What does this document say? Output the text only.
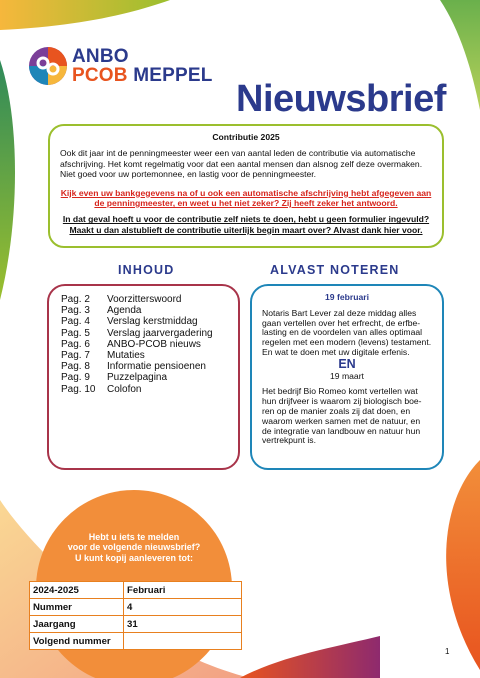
ANBO
PCOB MEPPEL
Nieuwsbrief
Contributie 2025
Ook dit jaar int de penningmeester weer een van aantal leden de contributie via automatische afschrijving. Het komt regelmatig voor dat een aantal mensen dan alsnog zelf deze overmaken. Niet goed voor uw portemonnee, en lastig voor de penningmeester.
Kijk even uw bankgegevens na of u ook een automatische afschrijving hebt afgegeven aan de penningmeester, en weet u het niet zeker? Zij heeft zeker het antwoord.
In dat geval hoeft u voor de contributie zelf niets te doen, hebt u geen formulier ingevuld? Maakt u dan alstublieft de contributie uiterlijk begin maart over? Alvast dank hier voor.
INHOUD	ALVAST NOTEREN
Pag. 2	Voorzitterswoord
Pag. 3	Agenda
Pag. 4	Verslag kerstmiddag
Pag. 5	Verslag jaarvergadering
Pag. 6	ANBO-PCOB nieuws
Pag. 7	Mutaties
Pag. 8	Informatie pensioenen
Pag. 9	Puzzelpagina
Pag. 10	Colofon
19 februari
Notaris Bart Lever zal deze middag alles gaan vertellen over het erfrecht, de erfbe-lasting en de voordelen van alles optimaal regelen met een modern (levens) testament. En wat te doen met uw digitale erfenis.
EN
19 maart
Het bedrijf Bio Romeo komt vertellen wat hun drijfveer is waarom zij biologisch boe-ren op de manier zoals zij dat doen, en waarom werken samen met de natuur, en de integratie van landbouw en natuur hun vertrekpunt is.
Hebt u iets te melden
voor de volgende nieuwsbrief?
U kunt kopij aanleveren tot:
2024-2025	Februari
Nummer	4
Jaargang	31
Volgend nummer	
1
